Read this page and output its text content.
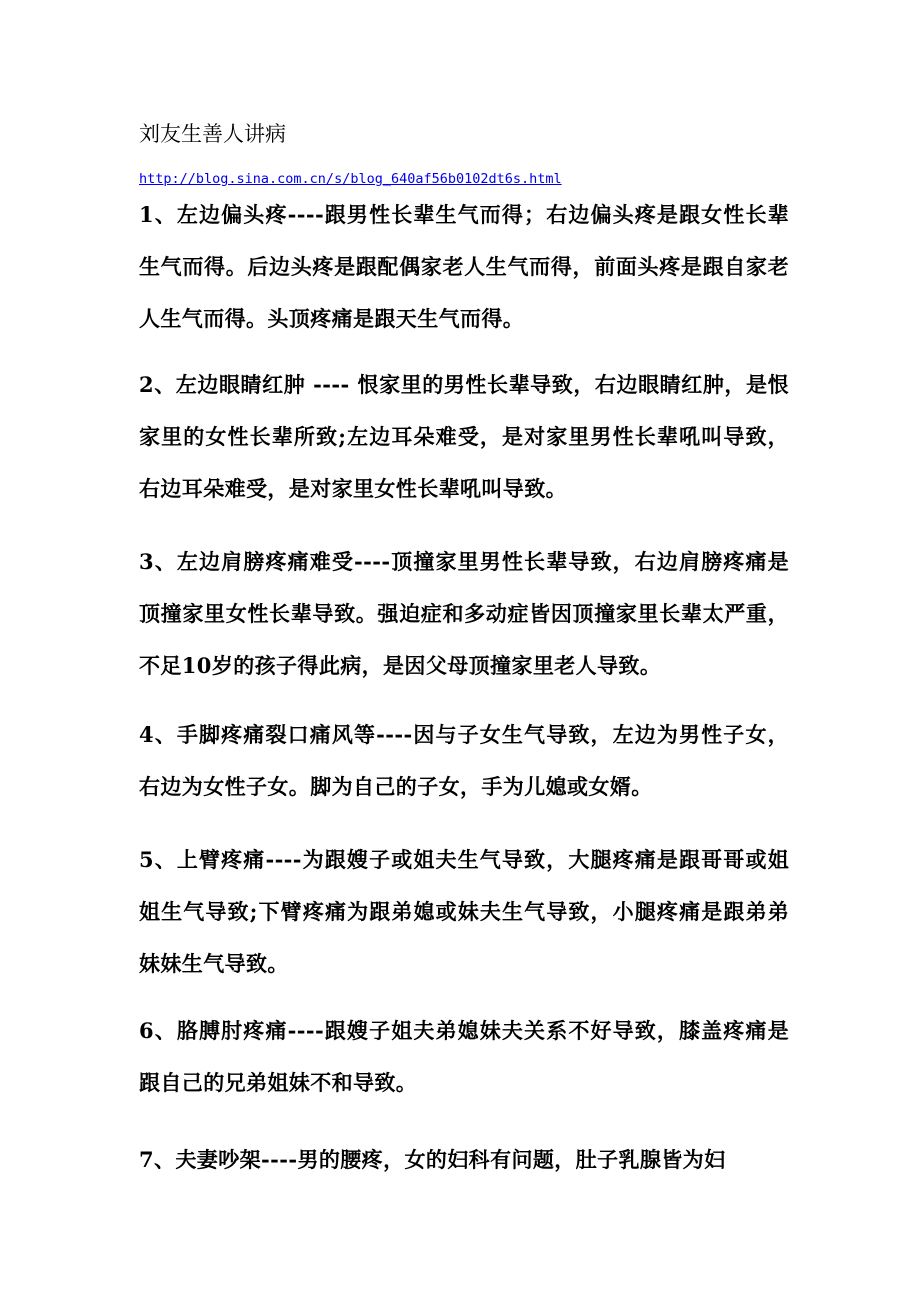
刘友生善人讲病
http://blog.sina.com.cn/s/blog_640af56b0102dt6s.html

1、左边偏头疼----跟男性长辈生气而得；右边偏头疼是跟女性长辈生气而得。后边头疼是跟配偶家老人生气而得，前面头疼是跟自家老人生气而得。头顶疼痛是跟天生气而得。

2、左边眼睛红肿 ---- 恨家里的男性长辈导致，右边眼睛红肿，是恨家里的女性长辈所致;左边耳朵难受，是对家里男性长辈吼叫导致，右边耳朵难受，是对家里女性长辈吼叫导致。

3、左边肩膀疼痛难受----顶撞家里男性长辈导致，右边肩膀疼痛是顶撞家里女性长辈导致。强迫症和多动症皆因顶撞家里长辈太严重，不足10岁的孩子得此病，是因父母顶撞家里老人导致。

4、手脚疼痛裂口痛风等----因与子女生气导致，左边为男性子女，右边为女性子女。脚为自己的子女，手为儿媳或女婿。

5、上臂疼痛----为跟嫂子或姐夫生气导致，大腿疼痛是跟哥哥或姐姐生气导致;下臂疼痛为跟弟媳或妹夫生气导致，小腿疼痛是跟弟弟妹妹生气导致。

6、胳膊肘疼痛----跟嫂子姐夫弟媳妹夫关系不好导致，膝盖疼痛是跟自己的兄弟姐妹不和导致。

7、夫妻吵架----男的腰疼，女的妇科有问题，肚子乳腺皆为妇
